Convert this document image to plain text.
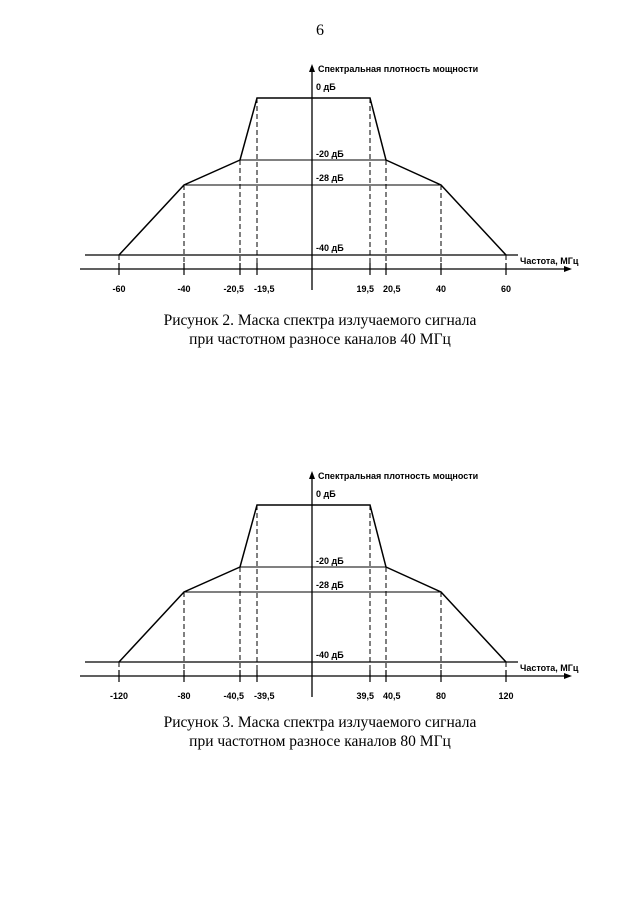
6
Спектральная плотность мощности
0 дБ
-20 дБ
-28 дБ
-40 дБ
Частота, МГц
-60	-40	-20,5 -19,5	19,5 20,5	40	60
Рисунок 2. Маска спектра излучаемого сигнала
при частотном разносе каналов 40 МГц
Спектральная плотность мощности
0 дБ
-20 дБ
-28 дБ
-40 дБ
Частота, МГц
-120	-80	-40,5 -39,5	39,5 40,5	80	120
Рисунок 3. Маска спектра излучаемого сигнала
при частотном разносе каналов 80 МГц
